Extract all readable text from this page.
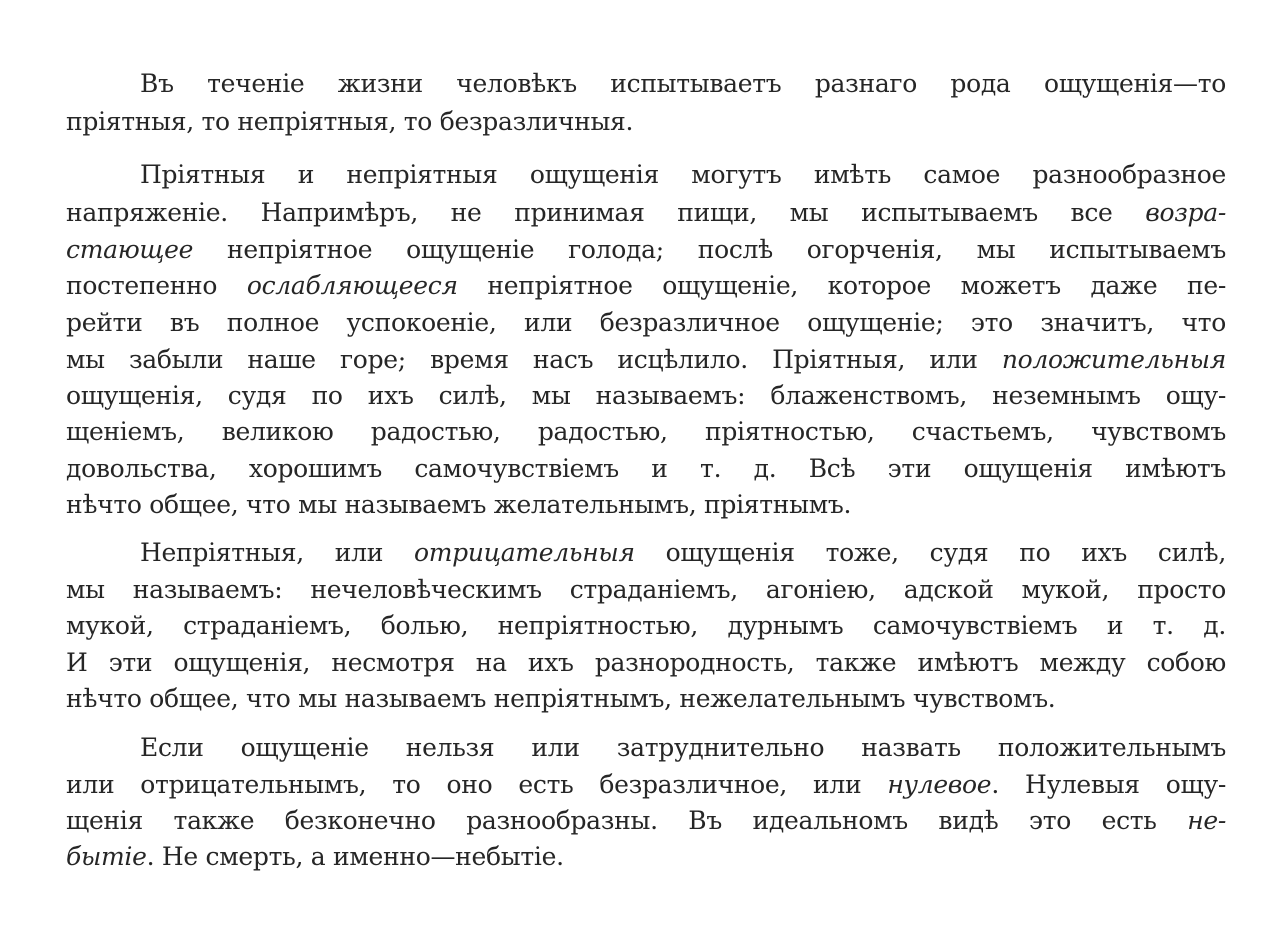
Въ теченіе жизни человѣкъ испытываетъ разнаго рода ощущенія—то
пріятныя, то непріятныя, то безразличныя.
Пріятныя и непріятныя ощущенія могутъ имѣть самое разнообразное
напряженіе. Напримѣръ, не принимая пищи, мы испытываемъ все возра-
стающее непріятное ощущеніе голода; послѣ огорченія, мы испытываемъ
постепенно ослабляющееся непріятное ощущеніе, которое можетъ даже пе-
рейти въ полное успокоеніе, или безразличное ощущеніе; это значитъ, что
мы забыли наше горе; время насъ исцѣлило. Пріятныя, или положительныя
ощущенія, судя по ихъ силѣ, мы называемъ: блаженствомъ, неземнымъ ощу-
щеніемъ, великою радостью, радостью, пріятностью, счастьемъ, чувствомъ
довольства, хорошимъ самочувствіемъ и т. д. Всѣ эти ощущенія имѣютъ
нѣчто общее, что мы называемъ желательнымъ, пріятнымъ.
Непріятныя, или отрицательныя ощущенія тоже, судя по ихъ силѣ,
мы называемъ: нечеловѣческимъ страданіемъ, агоніею, адской мукой, просто
мукой, страданіемъ, болью, непріятностью, дурнымъ самочувствіемъ и т. д.
И эти ощущенія, несмотря на ихъ разнородность, также имѣютъ между собою
нѣчто общее, что мы называемъ непріятнымъ, нежелательнымъ чувствомъ.
Если ощущеніе нельзя или затруднительно назвать положительнымъ
или отрицательнымъ, то оно есть безразличное, или нулевое. Нулевыя ощу-
щенія также безконечно разнообразны. Въ идеальномъ видѣ это есть не-
бытіе. Не смерть, а именно—небытіе.
